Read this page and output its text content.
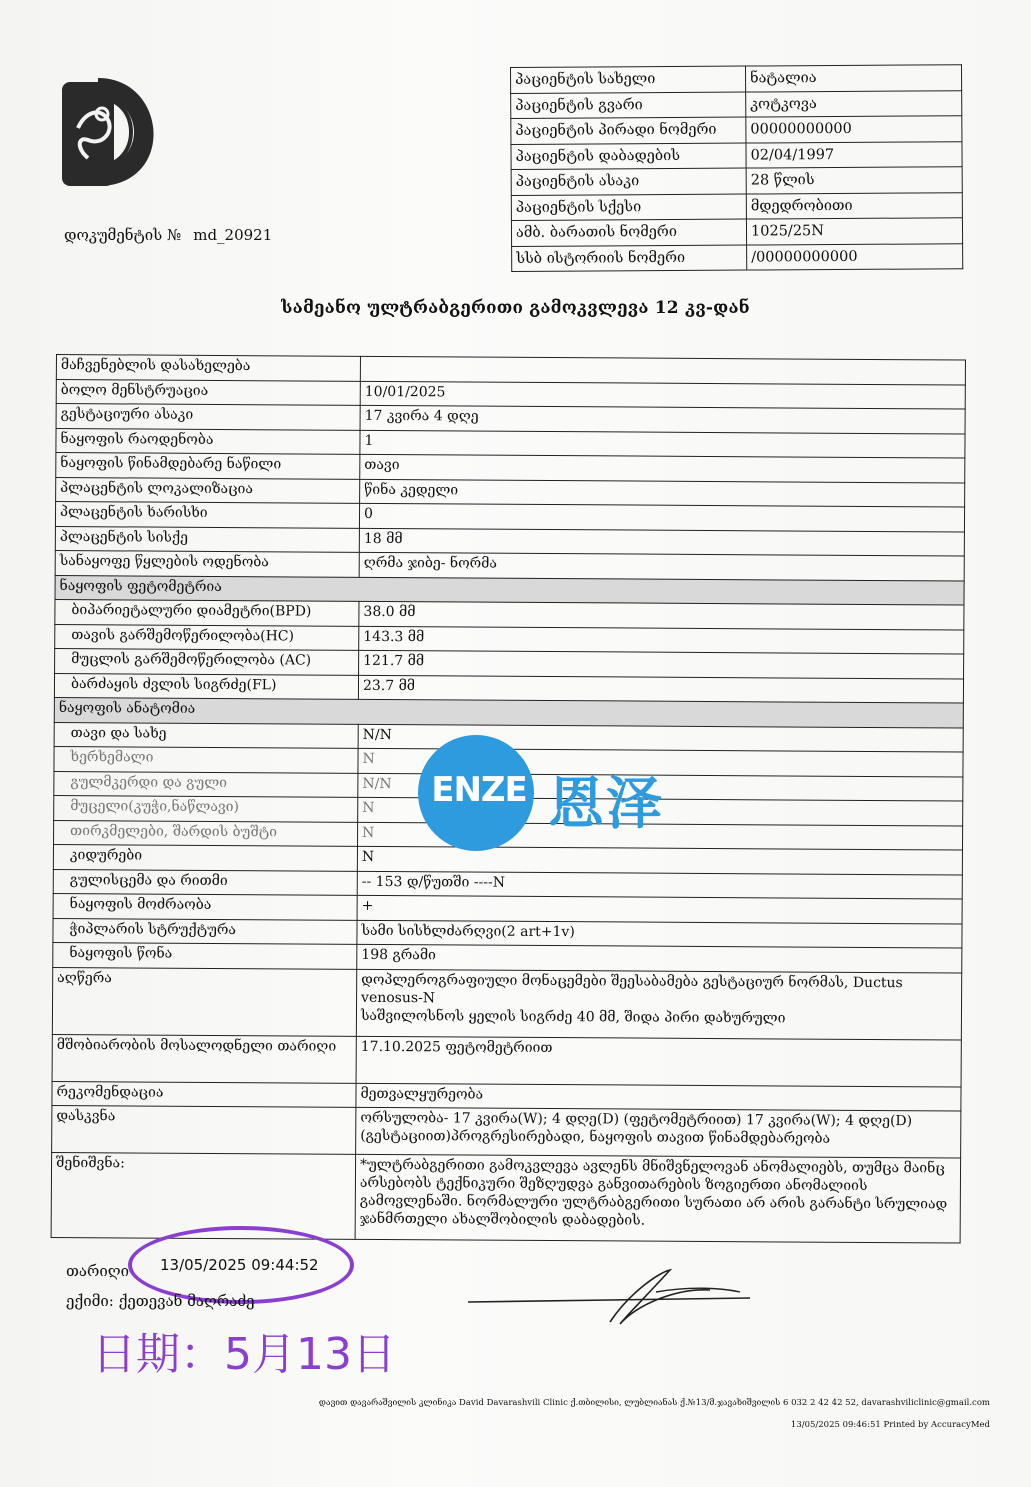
დოკუმენტის № md_20921
პაციენტის სახელი	ნატალია
პაციენტის გვარი	კოტკოვა
პაციენტის პირადი ნომერი	00000000000
პაციენტის დაბადების	02/04/1997
პაციენტის ასაკი	28 წლის
პაციენტის სქესი	მდედრობითი
ამბ. ბარათის ნომერი	1025/25N
სსბ ისტორიის ნომერი	/00000000000
სამეანო ულტრაბგერითი გამოკვლევა 12 კვ-დან
მაჩვენებლის დასახელება	
ბოლო მენსტრუაცია	10/01/2025
გესტაციური ასაკი	17 კვირა 4 დღე
ნაყოფის რაოდენობა	1
ნაყოფის წინამდებარე ნაწილი	თავი
პლაცენტის ლოკალიზაცია	წინა კედელი
პლაცენტის ხარისხი	0
პლაცენტის სისქე	18 მმ
სანაყოფე წყლების ოდენობა	ღრმა ჯიბე- ნორმა
ნაყოფის ფეტომეტრია	
ბიპარიეტალური დიამეტრი(BPD)	38.0 მმ
თავის გარშემოწერილობა(HC)	143.3 მმ
მუცლის გარშემოწერილობა (AC)	121.7 მმ
ბარძაყის ძვლის სიგრძე(FL)	23.7 მმ
ნაყოფის ანატომია	
თავი და სახე	N/N
ხერხემალი	N
გულმკერდი და გული	N/N
მუცელი(კუჭი,ნაწლავი)	N
თირკმელები, შარდის ბუშტი	N
კიდურები	N
გულისცემა და რითმი	-- 153 დ/წუთში ----N
ნაყოფის მოძრაობა	+
ჭიპლარის სტრუქტურა	სამი სისხლძარღვი(2 art+1v)
ნაყოფის წონა	198 გრამი
აღწერა	დოპლეროგრაფიული მონაცემები შეესაბამება გესტაციურ ნორმას, Ductus venosus-N
საშვილოსნოს ყელის სიგრძე 40 მმ, შიდა პირი დახურული

მშობიარობის მოსალოდნელი თარიღი	17.10.2025 ფეტომეტრიით
რეკომენდაცია	მეთვალყურეობა
დასკვნა	ორსულობა- 17 კვირა(W); 4 დღე(D) (ფეტომეტრიით) 17 კვირა(W); 4 დღე(D) (გესტაციით)პროგრესირებადი, ნაყოფის თავით წინამდებარეობა
შენიშვნა:	*ულტრაბგერითი გამოკვლევა ავლენს მნიშვნელოვან ანომალიებს, თუმცა მაინც არსებობს ტექნიკური შეზღუდვა განვითარების ზოგიერთი ანომალიის გამოვლენაში. ნორმალური ულტრაბგერითი სურათი არ არის გარანტი სრულიად ჯანმრთელი ახალშობილის დაბადების.
ENZE 恩泽
თარიღი 13/05/2025 09:44:52
ექიმი: ქეთევან მაღრაძე
日期：5月13日
დავით დავარაშვილის კლინიკა David Davarashvili Clinic ქ.თბილისი, ლუბლიანას ქ.№13/მ.ჯავახიშვილის 6 032 2 42 42 52, davarashviliclinic@gmail.com
13/05/2025 09:46:51 Printed by AccuracyMed
